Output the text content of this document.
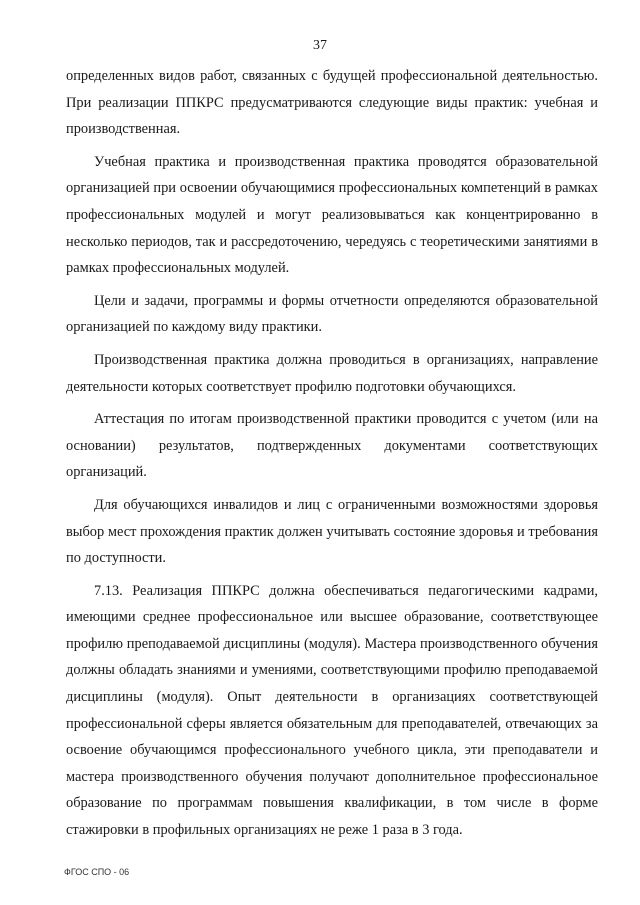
37

определенных видов работ, связанных с будущей профессиональной деятельностью. При реализации ППКРС предусматриваются следующие виды практик: учебная и производственная.

Учебная практика и производственная практика проводятся образовательной организацией при освоении обучающимися профессиональных компетенций в рамках профессиональных модулей и могут реализовываться как концентрированно в несколько периодов, так и рассредоточению, чередуясь с теоретическими занятиями в рамках профессиональных модулей.

Цели и задачи, программы и формы отчетности определяются образовательной организацией по каждому виду практики.

Производственная практика должна проводиться в организациях, направление деятельности которых соответствует профилю подготовки обучающихся.

Аттестация по итогам производственной практики проводится с учетом (или на основании) результатов, подтвержденных документами соответствующих организаций.

Для обучающихся инвалидов и лиц с ограниченными возможностями здоровья выбор мест прохождения практик должен учитывать состояние здоровья и требования по доступности.

7.13. Реализация ППКРС должна обеспечиваться педагогическими кадрами, имеющими среднее профессиональное или высшее образование, соответствующее профилю преподаваемой дисциплины (модуля). Мастера производственного обучения должны обладать знаниями и умениями, соответствующими профилю преподаваемой дисциплины (модуля). Опыт деятельности в организациях соответствующей профессиональной сферы является обязательным для преподавателей, отвечающих за освоение обучающимся профессионального учебного цикла, эти преподаватели и мастера производственного обучения получают дополнительное профессиональное образование по программам повышения квалификации, в том числе в форме стажировки в профильных организациях не реже 1 раза в 3 года.

ФГОС СПО - 06
